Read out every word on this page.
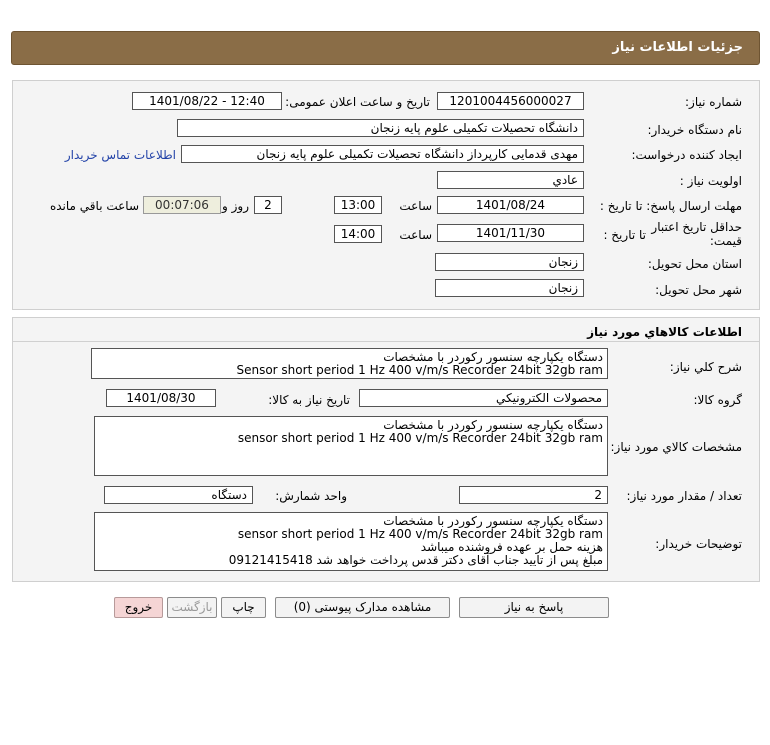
جزئيات اطلاعات نياز
شماره نياز:
1201004456000027
تاريخ و ساعت اعلان عمومی:
1401/08/22 - 12:40
نام دستگاه خريدار:
دانشگاه تحصيلات تکميلی علوم پايه زنجان
ايجاد کننده درخواست:
مهدی قدمايی کارپرداز دانشگاه تحصيلات تکميلی علوم پايه زنجان
اطلاعات تماس خريدار
اولويت نياز :
عادي
مهلت ارسال پاسخ: تا تاريخ :
1401/08/24
ساعت
13:00
2
روز و
00:07:06
ساعت باقي مانده
حداقل تاريخ اعتبار قيمت:
تا تاريخ :
1401/11/30
ساعت
14:00
استان محل تحويل:
زنجان
شهر محل تحويل:
زنجان
اطلاعات کالاهاي مورد نياز
شرح کلي نياز:
دستگاه يکپارچه سنسور رکوردر با مشخصات
Sensor short period 1 Hz 400 v/m/s Recorder 24bit 32gb ram
گروه کالا:
محصولات الکترونيکي
تاريخ نياز به کالا:
1401/08/30
مشخصات کالاي مورد نياز:
دستگاه يکپارچه سنسور رکوردر با مشخصات
sensor short period 1 Hz 400 v/m/s Recorder 24bit 32gb ram
تعداد / مقدار مورد نياز:
2
واحد شمارش:
دستگاه
توضيحات خريدار:
دستگاه يکپارچه سنسور رکوردر با مشخصات
sensor short period 1 Hz 400 v/m/s Recorder 24bit 32gb ram
هزينه حمل بر عهده فروشنده ميباشد
مبلغ پس از تاييد جناب آقای دکتر قدس پرداخت خواهد شد 09121415418
پاسخ به نياز
مشاهده مدارک پيوستی (0)
چاپ
بازگشت
خروج
